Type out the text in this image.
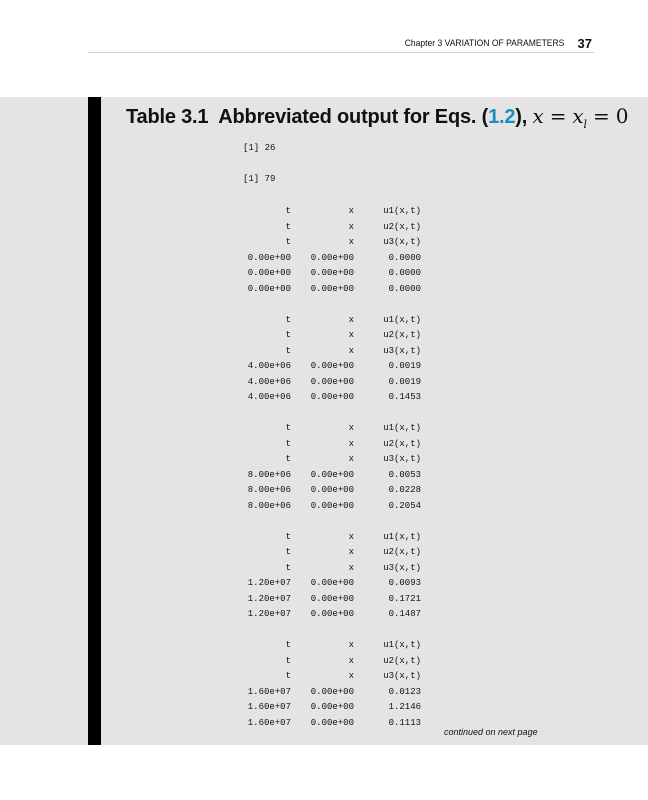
Chapter 3 VARIATION OF PARAMETERS 37
Table 3.1 Abbreviated output for Eqs. (1.2), $x = x_l = 0$
[1] 26
[1] 79
t	x	u1(x,t)
t	x	u2(x,t)
t	x	u3(x,t)
0.00e+00 0.00e+00	0.0000
0.00e+00 0.00e+00	0.0000
0.00e+00 0.00e+00	0.0000
t	x	u1(x,t)
t	x	u2(x,t)
t	x	u3(x,t)
4.00e+06 0.00e+00	0.0019
4.00e+06 0.00e+00	0.0019
4.00e+06 0.00e+00	0.1453
t	x	u1(x,t)
t	x	u2(x,t)
t	x	u3(x,t)
8.00e+06 0.00e+00	0.0053
8.00e+06 0.00e+00	0.0228
8.00e+06 0.00e+00	0.2054
t	x	u1(x,t)
t	x	u2(x,t)
t	x	u3(x,t)
1.20e+07 0.00e+00	0.0093
1.20e+07 0.00e+00	0.1721
1.20e+07 0.00e+00	0.1487
t	x	u1(x,t)
t	x	u2(x,t)
t	x	u3(x,t)
1.60e+07 0.00e+00	0.0123
1.60e+07 0.00e+00	1.2146
1.60e+07 0.00e+00	0.1113
continued on next page
